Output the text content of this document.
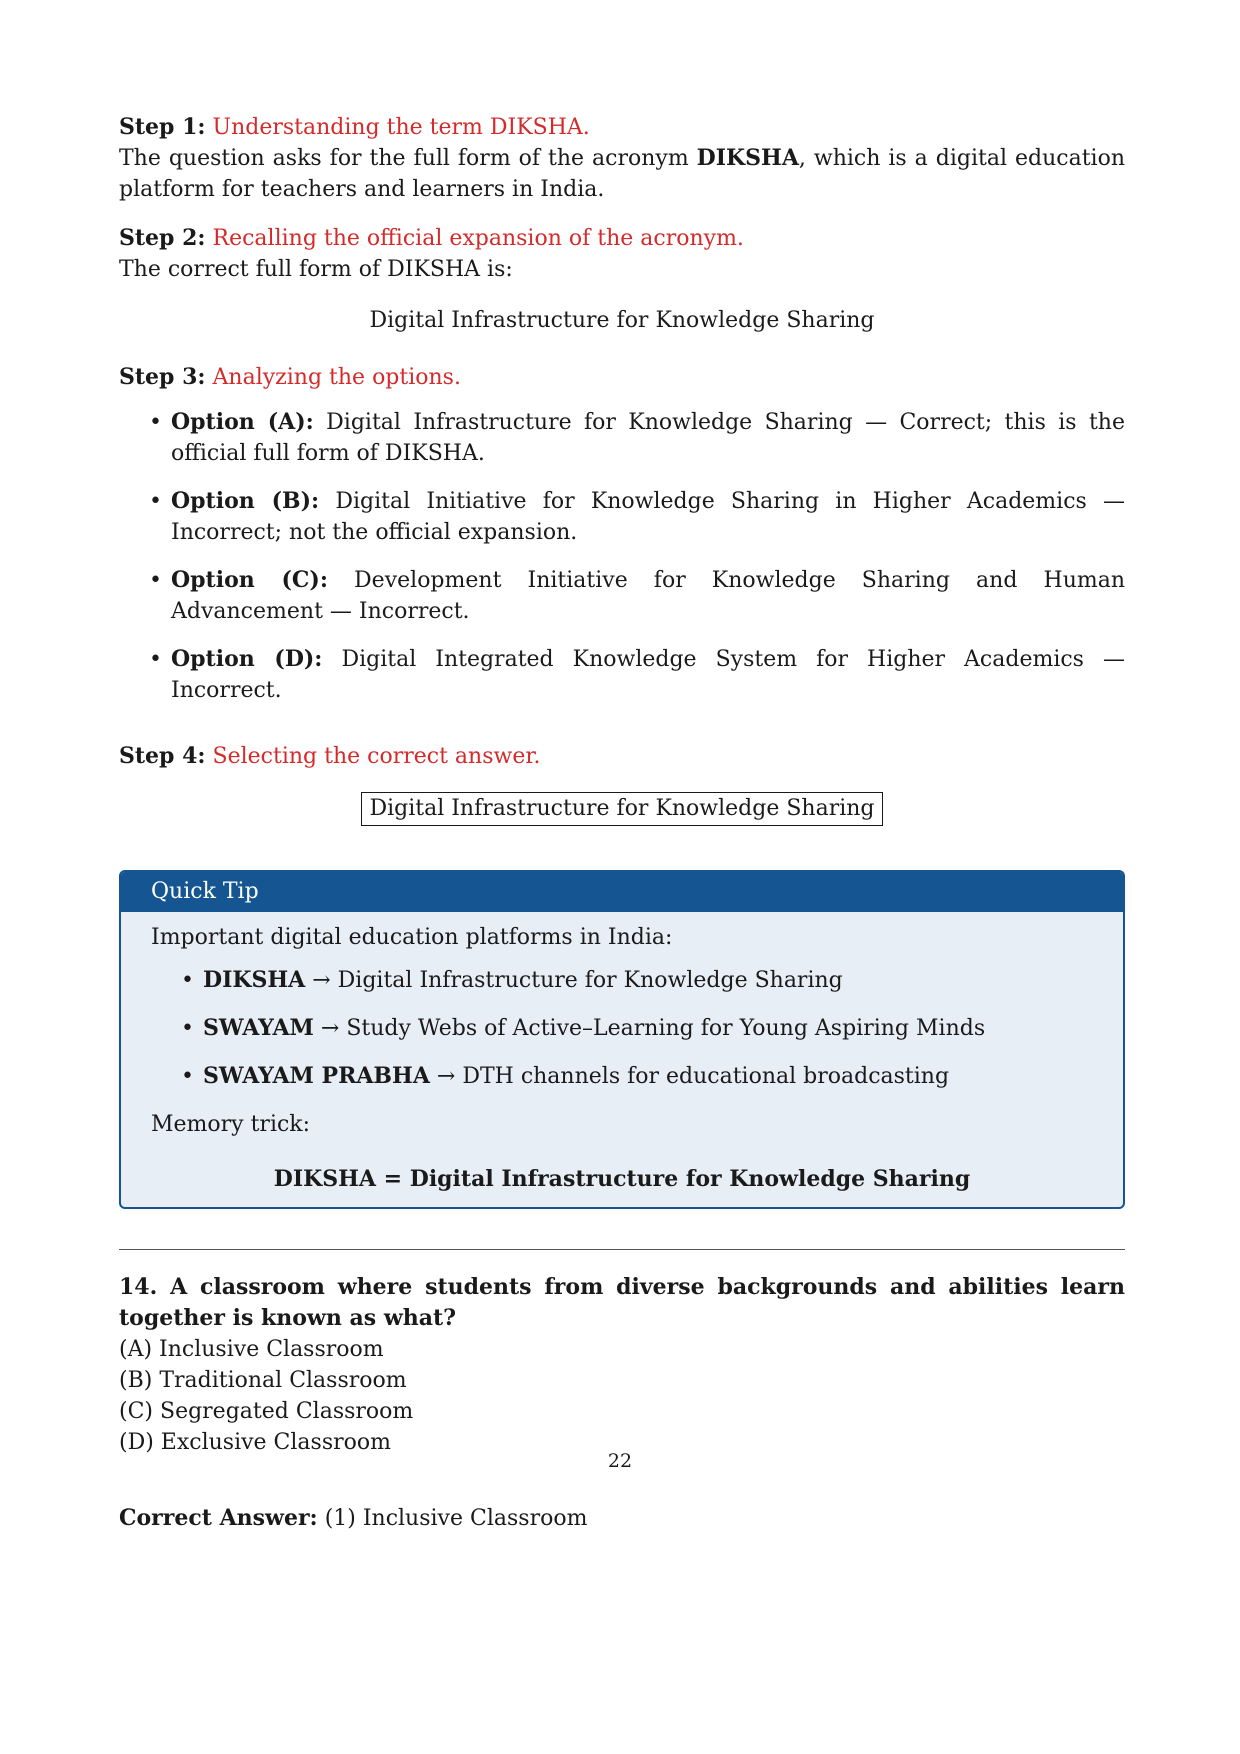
Step 1: Understanding the term DIKSHA.

The question asks for the full form of the acronym DIKSHA, which is a digital education platform for teachers and learners in India.

Step 2: Recalling the official expansion of the acronym.

The correct full form of DIKSHA is:

Digital Infrastructure for Knowledge Sharing
Step 3: Analyzing the options.
• Option (A): Digital Infrastructure for Knowledge Sharing — Correct; this is the official full form of DIKSHA.
• Option (B): Digital Initiative for Knowledge Sharing in Higher Academics — Incorrect; not the official expansion.
• Option (C): Development Initiative for Knowledge Sharing and Human Advancement — Incorrect.
• Option (D): Digital Integrated Knowledge System for Higher Academics — Incorrect.
Step 4: Selecting the correct answer.
Digital Infrastructure for Knowledge Sharing
Quick Tip
Important digital education platforms in India:
• DIKSHA → Digital Infrastructure for Knowledge Sharing
• SWAYAM → Study Webs of Active–Learning for Young Aspiring Minds
• SWAYAM PRABHA → DTH channels for educational broadcasting
Memory trick:
DIKSHA = Digital Infrastructure for Knowledge Sharing
14. A classroom where students from diverse backgrounds and abilities learn together is known as what?
(A) Inclusive Classroom
(B) Traditional Classroom
(C) Segregated Classroom
(D) Exclusive Classroom
Correct Answer: (1) Inclusive Classroom
22
